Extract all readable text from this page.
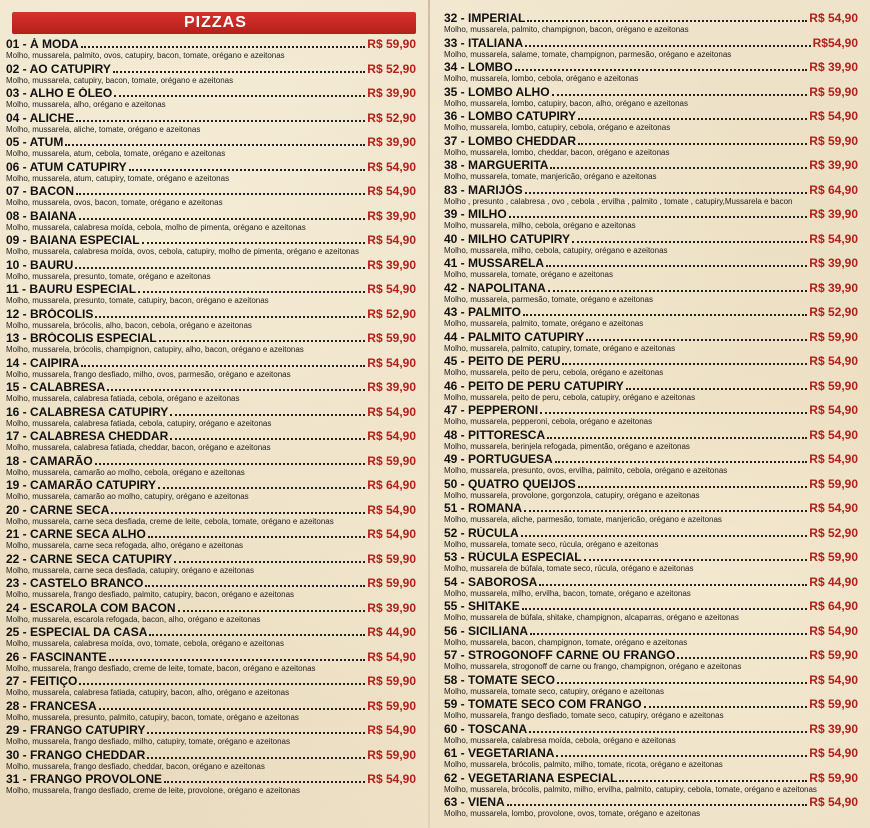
PIZZAS
01 - À MODA	R$ 59,90
Molho, mussarela, palmito, ovos, catupiry, bacon, tomate, orégano e azeitonas
02 - AO CATUPIRY	R$ 52,90
Molho, mussarela, catupiry, bacon, tomate, orégano e azeitonas
03 - ALHO E ÓLEO	R$ 39,90
Molho, mussarela, alho, orégano e azeitonas
04 - ALICHE	R$ 52,90
Molho, mussarela, aliche, tomate, orégano e azeitonas
05 - ATUM	R$ 39,90
Molho, mussarela, atum, cebola, tomate, orégano e azeitonas
06 - ATUM CATUPIRY	R$ 54,90
Molho, mussarela, atum, catupiry, tomate, orégano e azeitonas
07 - BACON	R$ 54,90
Molho, mussarela, ovos, bacon, tomate, orégano e azeitonas
08 - BAIANA	R$ 39,90
Molho, mussarela, calabresa moída, cebola, molho de pimenta, orégano e azeitonas
09 - BAIANA ESPECIAL	R$ 54,90
Molho, mussarela, calabresa moída, ovos, cebola, catupiry, molho de pimenta, orégano e azeitonas
10 - BAURU	R$ 39,90
Molho, mussarela, presunto, tomate, orégano e azeitonas
11 - BAURU ESPECIAL	R$ 54,90
Molho, mussarela, presunto, tomate, catupiry, bacon, orégano e azeitonas
12 - BRÓCOLIS	R$ 52,90
Molho, mussarela, brócolis, alho, bacon, cebola, orégano e azeitonas
13 - BRÓCOLIS ESPECIAL	R$ 59,90
Molho, mussarela, brócolis, champignon, catupiry, alho, bacon, orégano e azeitonas
14 - CAIPIRA	R$ 54,90
Molho, mussarela, frango desfiado, milho, ovos, parmesão, orégano e azeitonas
15 - CALABRESA	R$ 39,90
Molho, mussarela, calabresa fatiada, cebola, orégano e azeitonas
16 - CALABRESA CATUPIRY	R$ 54,90
Molho, mussarela, calabresa fatiada, cebola, catupiry, orégano e azeitonas
17 - CALABRESA CHEDDAR	R$ 54,90
Molho, mussarela, calabresa fatiada, cheddar, bacon, orégano e azeitonas
18 - CAMARÃO	R$ 59,90
Molho, mussarela, camarão ao molho, cebola, orégano e azeitonas
19 - CAMARÃO CATUPIRY	R$ 64,90
Molho, mussarela, camarão ao molho, catupiry, orégano e azeitonas
20 - CARNE SECA	R$ 54,90
Molho, mussarela, carne seca desfiada, creme de leite, cebola, tomate, orégano e azeitonas
21 - CARNE SECA ALHO	R$ 54,90
Molho, mussarela, carne seca refogada, alho, orégano e azeitonas
22 - CARNE SECA CATUPIRY	R$ 59,90
Molho, mussarela, carne seca desfiada, catupiry, orégano e azeitonas
23 - CASTELO BRANCO	R$ 59,90
Molho, mussarela, frango desfiado, palmito, catupiry, bacon, orégano e azeitonas
24 - ESCAROLA COM BACON	R$ 39,90
Molho, mussarela, escarola refogada, bacon, alho, orégano e azeitonas
25 - ESPECIAL DA CASA	R$ 44,90
Molho, mussarela, calabresa moída, ovo, tomate, cebola, orégano e azeitonas
26 - FASCINANTE	R$ 54,90
Molho, mussarela, frango desfiado, creme de leite, tomate, bacon, orégano e azeitonas
27 - FEITIÇO	R$ 59,90
Molho, mussarela, calabresa fatiada, catupiry, bacon, alho, orégano e azeitonas
28 - FRANCESA	R$ 59,90
Molho, mussarela, presunto, palmito, catupiry, bacon, tomate, orégano e azeitonas
29 - FRANGO CATUPIRY	R$ 54,90
Molho, mussarela, frango desfiado, milho, catupiry, tomate, orégano e azeitonas
30 - FRANGO CHEDDAR	R$ 59,90
Molho, mussarela, frango desfiado, cheddar, bacon, orégano e azeitonas
31 - FRANGO PROVOLONE	R$ 54,90
Molho, mussarela, frango desfiado, creme de leite, provolone, orégano e azeitonas
32 - IMPERIAL	R$ 54,90
Molho, mussarela, palmito, champignon, bacon, orégano e azeitonas
33 - ITALIANA	R$54,90
Molho, mussarela, salame, tomate, champignon, parmesão, orégano e azeitonas
34 - LOMBO	R$ 39,90
Molho, mussarela, lombo, cebola, orégano e azeitonas
35 - LOMBO ALHO	R$ 59,90
Molho, mussarela, lombo, catupiry, bacon, alho, orégano e azeitonas
36 - LOMBO CATUPIRY	R$ 54,90
Molho, mussarela, lombo, catupiry, cebola, orégano e azeitonas
37 - LOMBO CHEDDAR	R$ 59,90
Molho, mussarela, lombo, cheddar, bacon, orégano e azeitonas
38 - MARGUERITA	R$ 39,90
Molho, mussarela, tomate, manjericão, orégano e azeitonas
83 - MARIJÓS	R$ 64,90
Molho , presunto , calabresa , ovo , cebola , ervilha , palmito , tomate , catupiry,Mussarela e bacon
39 - MILHO	R$ 39,90
Molho, mussarela, milho, cebola, orégano e azeitonas
40 - MILHO CATUPIRY	R$ 54,90
Molho, mussarela, milho, cebola, catupiry, orégano e azeitonas
41 - MUSSARELA	R$ 39,90
Molho, mussarela, tomate, orégano e azeitonas
42 - NAPOLITANA	R$ 39,90
Molho, mussarela, parmesão, tomate, orégano e azeitonas
43 - PALMITO	R$ 52,90
Molho, mussarela, palmito, tomate, orégano e azeitonas
44 - PALMITO CATUPIRY	R$ 59,90
Molho, mussarela, palmito, catupiry, tomate, orégano e azeitonas
45 - PEITO DE PERU	R$ 54,90
Molho, mussarela, peito de peru, cebola, orégano e azeitonas
46 - PEITO DE PERU CATUPIRY	R$ 59,90
Molho, mussarela, peito de peru, cebola, catupiry, orégano e azeitonas
47 - PEPPERONI	R$ 54,90
Molho, mussarela, pepperoni, cebola, orégano e azeitonas
48 - PITTORESCA	R$ 54,90
Molho, mussarela, berinjela refogada, pimentão, orégano e azeitonas
49 - PORTUGUESA	R$ 54,90
Molho, mussarela, presunto, ovos, ervilha, palmito, cebola, orégano e azeitonas
50 - QUATRO QUEIJOS	R$ 59,90
Molho, mussarela, provolone, gorgonzola, catupiry, orégano e azeitonas
51 - ROMANA	R$ 54,90
Molho, mussarela, aliche, parmesão, tomate, manjericão, orégano e azeitonas
52 - RÚCULA	R$ 52,90
Molho, mussarela, tomate seco, rúcula, orégano e azeitonas
53 - RÚCULA ESPECIAL	R$ 59,90
Molho, mussarela de búfala, tomate seco, rúcula, orégano e azeitonas
54 - SABOROSA	R$ 44,90
Molho, mussarela, milho, ervilha, bacon, tomate, orégano e azeitonas
55 - SHITAKE	R$ 64,90
Molho, mussarela de búfala, shitake, champignon, alcaparras, orégano e azeitonas
56 - SICILIANA	R$ 54,90
Molho, mussarela, bacon, champignon, tomate, orégano e azeitonas
57 - STROGONOFF CARNE OU FRANGO	R$ 59,90
Molho, mussarela, strogonoff de carne ou frango, champignon, orégano e azeitonas
58 - TOMATE SECO	R$ 54,90
Molho, mussarela, tomate seco, catupiry, orégano e azeitonas
59 - TOMATE SECO COM FRANGO	R$ 59,90
Molho, mussarela, frango desfiado, tomate seco, catupiry, orégano e azeitonas
60 - TOSCANA	R$ 39,90
Molho, mussarela, calabresa moída, cebola, orégano e azeitonas
61 - VEGETARIANA	R$ 54,90
Molho, mussarela, brócolis, palmito, milho, tomate, ricota, orégano e azeitonas
62 - VEGETARIANA ESPECIAL	R$ 59,90
Molho, mussarela, brócolis, palmito, milho, ervilha, palmito, catupiry, cebola, tomate, orégano e azeitonas
63 - VIENA	R$ 54,90
Molho, mussarela, lombo, provolone, ovos, tomate, orégano e azeitonas
